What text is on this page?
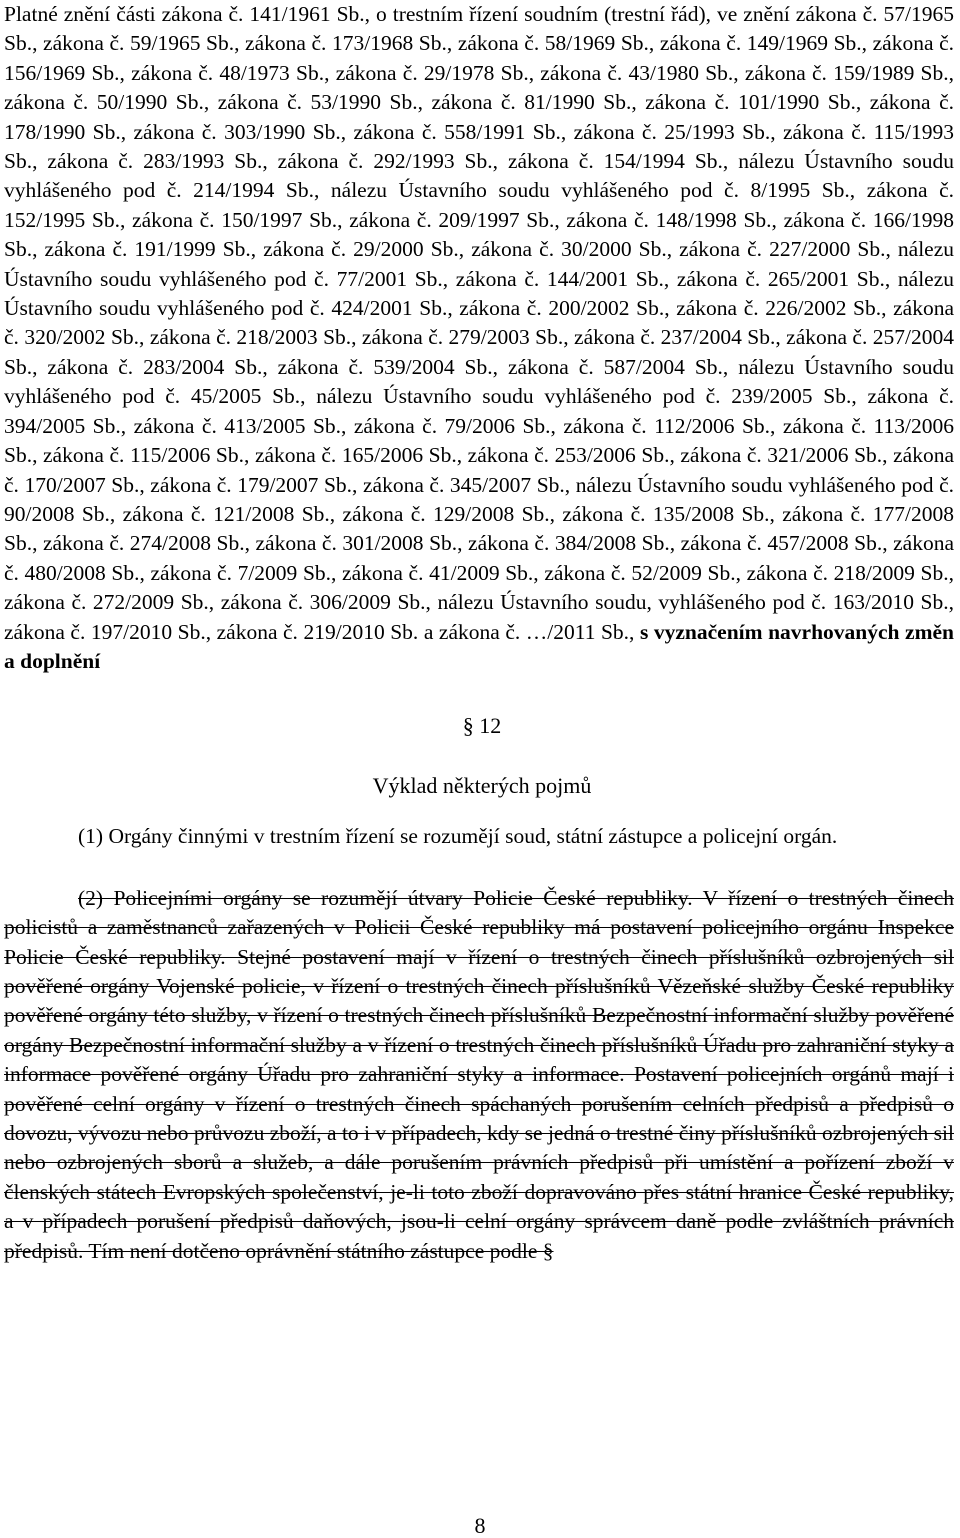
Platné znění části zákona č. 141/1961 Sb., o trestním řízení soudním (trestní řád), ve znění zákona č. 57/1965 Sb., zákona č. 59/1965 Sb., zákona č. 173/1968 Sb., zákona č. 58/1969 Sb., zákona č. 149/1969 Sb., zákona č. 156/1969 Sb., zákona č. 48/1973 Sb., zákona č. 29/1978 Sb., zákona č. 43/1980 Sb., zákona č. 159/1989 Sb., zákona č. 50/1990 Sb., zákona č. 53/1990 Sb., zákona č. 81/1990 Sb., zákona č. 101/1990 Sb., zákona č. 178/1990 Sb., zákona č. 303/1990 Sb., zákona č. 558/1991 Sb., zákona č. 25/1993 Sb., zákona č. 115/1993 Sb., zákona č. 283/1993 Sb., zákona č. 292/1993 Sb., zákona č. 154/1994 Sb., nálezu Ústavního soudu vyhlášeného pod č. 214/1994 Sb., nálezu Ústavního soudu vyhlášeného pod č. 8/1995 Sb., zákona č. 152/1995 Sb., zákona č. 150/1997 Sb., zákona č. 209/1997 Sb., zákona č. 148/1998 Sb., zákona č. 166/1998 Sb., zákona č. 191/1999 Sb., zákona č. 29/2000 Sb., zákona č. 30/2000 Sb., zákona č. 227/2000 Sb., nálezu Ústavního soudu vyhlášeného pod č. 77/2001 Sb., zákona č. 144/2001 Sb., zákona č. 265/2001 Sb., nálezu Ústavního soudu vyhlášeného pod č. 424/2001 Sb., zákona č. 200/2002 Sb., zákona č. 226/2002 Sb., zákona č. 320/2002 Sb., zákona č. 218/2003 Sb., zákona č. 279/2003 Sb., zákona č. 237/2004 Sb., zákona č. 257/2004 Sb., zákona č. 283/2004 Sb., zákona č. 539/2004 Sb., zákona č. 587/2004 Sb., nálezu Ústavního soudu vyhlášeného pod č. 45/2005 Sb., nálezu Ústavního soudu vyhlášeného pod č. 239/2005 Sb., zákona č. 394/2005 Sb., zákona č. 413/2005 Sb., zákona č. 79/2006 Sb., zákona č. 112/2006 Sb., zákona č. 113/2006 Sb., zákona č. 115/2006 Sb., zákona č. 165/2006 Sb., zákona č. 253/2006 Sb., zákona č. 321/2006 Sb., zákona č. 170/2007 Sb., zákona č. 179/2007 Sb., zákona č. 345/2007 Sb., nálezu Ústavního soudu vyhlášeného pod č. 90/2008 Sb., zákona č. 121/2008 Sb., zákona č. 129/2008 Sb., zákona č. 135/2008 Sb., zákona č. 177/2008 Sb., zákona č. 274/2008 Sb., zákona č. 301/2008 Sb., zákona č. 384/2008 Sb., zákona č. 457/2008 Sb., zákona č. 480/2008 Sb., zákona č. 7/2009 Sb., zákona č. 41/2009 Sb., zákona č. 52/2009 Sb., zákona č. 218/2009 Sb., zákona č. 272/2009 Sb., zákona č. 306/2009 Sb., nálezu Ústavního soudu, vyhlášeného pod č. 163/2010 Sb., zákona č. 197/2010 Sb., zákona č. 219/2010 Sb. a zákona č. …/2011 Sb., s vyznačením navrhovaných změn a doplnění

§ 12
Výklad některých pojmů

(1) Orgány činnými v trestním řízení se rozumějí soud, státní zástupce a policejní orgán.

(2) Policejními orgány se rozumějí útvary Policie České republiky. V řízení o trestných činech policistů a zaměstnanců zařazených v Policii České republiky má postavení policejního orgánu Inspekce Policie České republiky. Stejné postavení mají v řízení o trestných činech příslušníků ozbrojených sil pověřené orgány Vojenské policie, v řízení o trestných činech příslušníků Vězeňské služby České republiky pověřené orgány této služby, v řízení o trestných činech příslušníků Bezpečnostní informační služby pověřené orgány Bezpečnostní informační služby a v řízení o trestných činech příslušníků Úřadu pro zahraniční styky a informace pověřené orgány Úřadu pro zahraniční styky a informace. Postavení policejních orgánů mají i pověřené celní orgány v řízení o trestných činech spáchaných porušením celních předpisů a předpisů o dovozu, vývozu nebo průvozu zboží, a to i v případech, kdy se jedná o trestné činy příslušníků ozbrojených sil nebo ozbrojených sborů a služeb, a dále porušením právních předpisů při umístění a pořízení zboží v členských státech Evropských společenství, je-li toto zboží dopravováno přes státní hranice České republiky, a v případech porušení předpisů daňových, jsou-li celní orgány správcem daně podle zvláštních právních předpisů. Tím není dotčeno oprávnění státního zástupce podle §

8
